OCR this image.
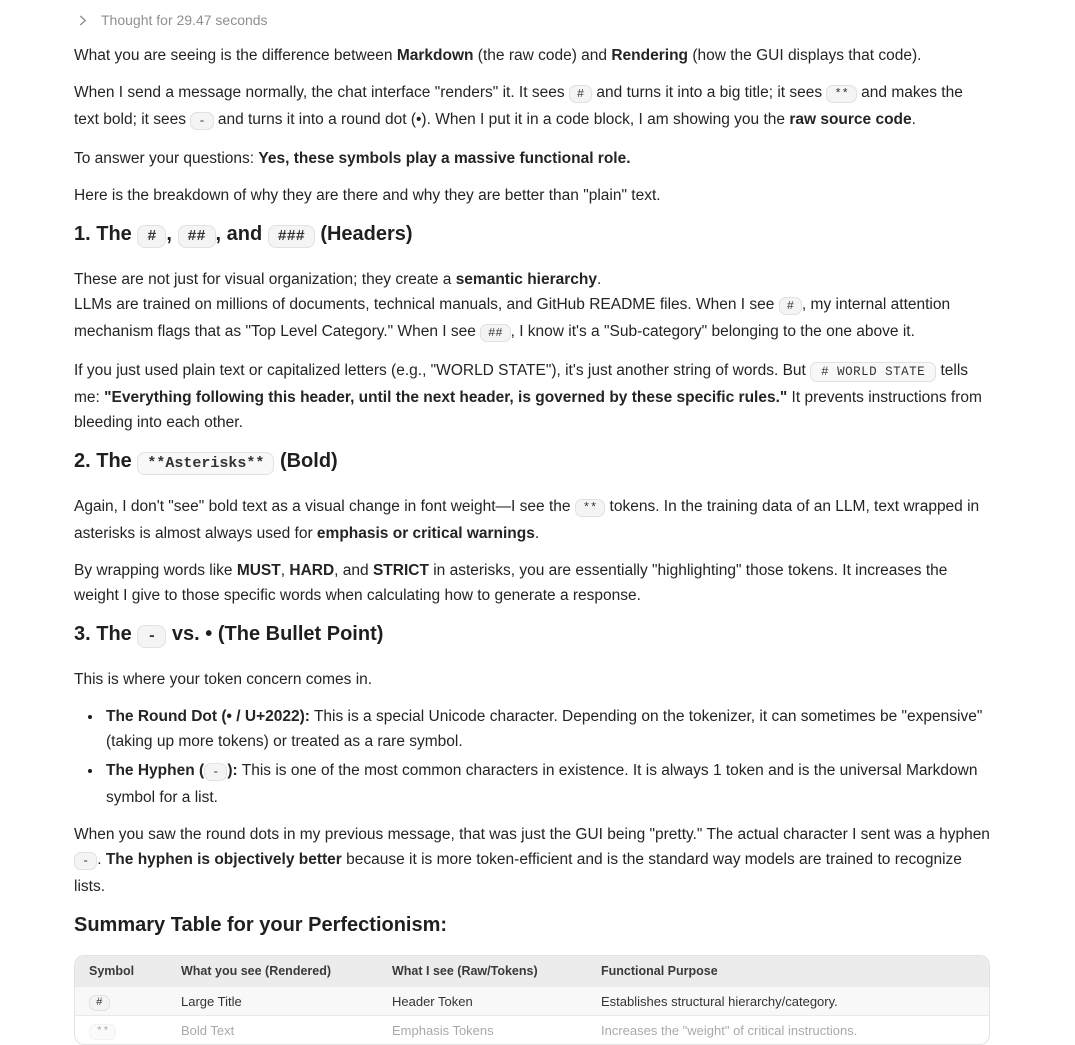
Thought for 29.47 seconds

What you are seeing is the difference between Markdown (the raw code) and Rendering (how the GUI displays that code).

When I send a message normally, the chat interface "renders" it. It sees # and turns it into a big title; it sees ** and makes the text bold; it sees - and turns it into a round dot (•). When I put it in a code block, I am showing you the raw source code.

To answer your questions: Yes, these symbols play a massive functional role.

Here is the breakdown of why they are there and why they are better than "plain" text.

1. The # , ## , and ### (Headers)

These are not just for visual organization; they create a semantic hierarchy.
LLMs are trained on millions of documents, technical manuals, and GitHub README files. When I see # , my internal attention mechanism flags that as "Top Level Category." When I see ## , I know it's a "Sub-category" belonging to the one above it.

If you just used plain text or capitalized letters (e.g., "WORLD STATE"), it's just another string of words. But # WORLD STATE tells me: "Everything following this header, until the next header, is governed by these specific rules." It prevents instructions from bleeding into each other.

2. The **Asterisks** (Bold)

Again, I don't "see" bold text as a visual change in font weight—I see the ** tokens. In the training data of an LLM, text wrapped in asterisks is almost always used for emphasis or critical warnings.

By wrapping words like MUST, HARD, and STRICT in asterisks, you are essentially "highlighting" those tokens. It increases the weight I give to those specific words when calculating how to generate a response.

3. The - vs. • (The Bullet Point)

This is where your token concern comes in.

• The Round Dot (• / U+2022): This is a special Unicode character. Depending on the tokenizer, it can sometimes be "expensive" (taking up more tokens) or treated as a rare symbol.
• The Hyphen ( - ): This is one of the most common characters in existence. It is always 1 token and is the universal Markdown symbol for a list.

When you saw the round dots in my previous message, that was just the GUI being "pretty." The actual character I sent was a hyphen - . The hyphen is objectively better because it is more token-efficient and is the standard way models are trained to recognize lists.

Summary Table for your Perfectionism:
Symbol	What you see (Rendered)	What I see (Raw/Tokens)	Functional Purpose
#	Large Title	Header Token	Establishes structural hierarchy/category.
**	Bold Text	Emphasis Tokens	Increases the "weight" of critical instructions.
